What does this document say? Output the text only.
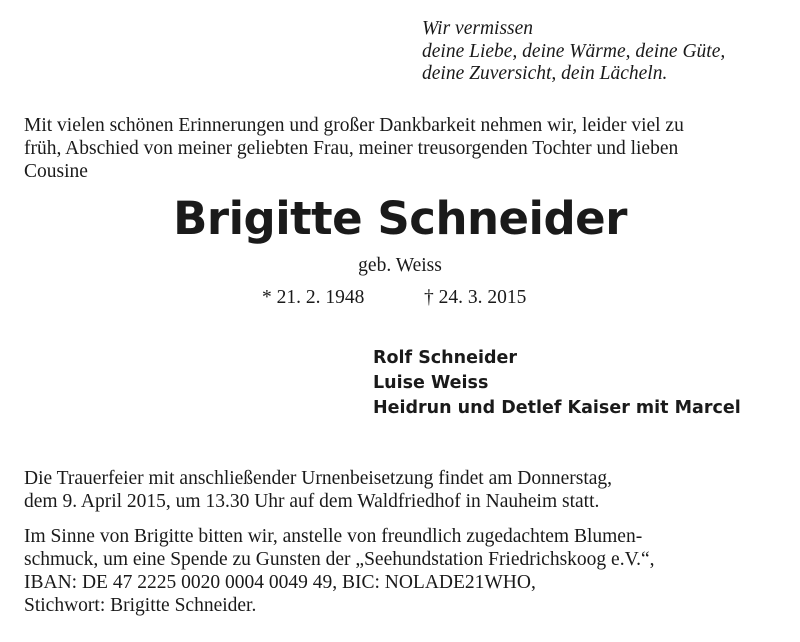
Wir vermissen
deine Liebe, deine Wärme, deine Güte,
deine Zuversicht, dein Lächeln.
Mit vielen schönen Erinnerungen und großer Dankbarkeit nehmen wir, leider viel zu
früh, Abschied von meiner geliebten Frau, meiner treusorgenden Tochter und lieben
Cousine
Brigitte Schneider
geb. Weiss
* 21. 2. 1948	† 24. 3. 2015
Rolf Schneider
Luise Weiss
Heidrun und Detlef Kaiser mit Marcel
Die Trauerfeier mit anschließender Urnenbeisetzung findet am Donnerstag,
dem 9. April 2015, um 13.30 Uhr auf dem Waldfriedhof in Nauheim statt.
Im Sinne von Brigitte bitten wir, anstelle von freundlich zugedachtem Blumen-
schmuck, um eine Spende zu Gunsten der „Seehundstation Friedrichskoog e.V.“,
IBAN: DE 47 2225 0020 0004 0049 49, BIC: NOLADE21WHO,
Stichwort: Brigitte Schneider.
